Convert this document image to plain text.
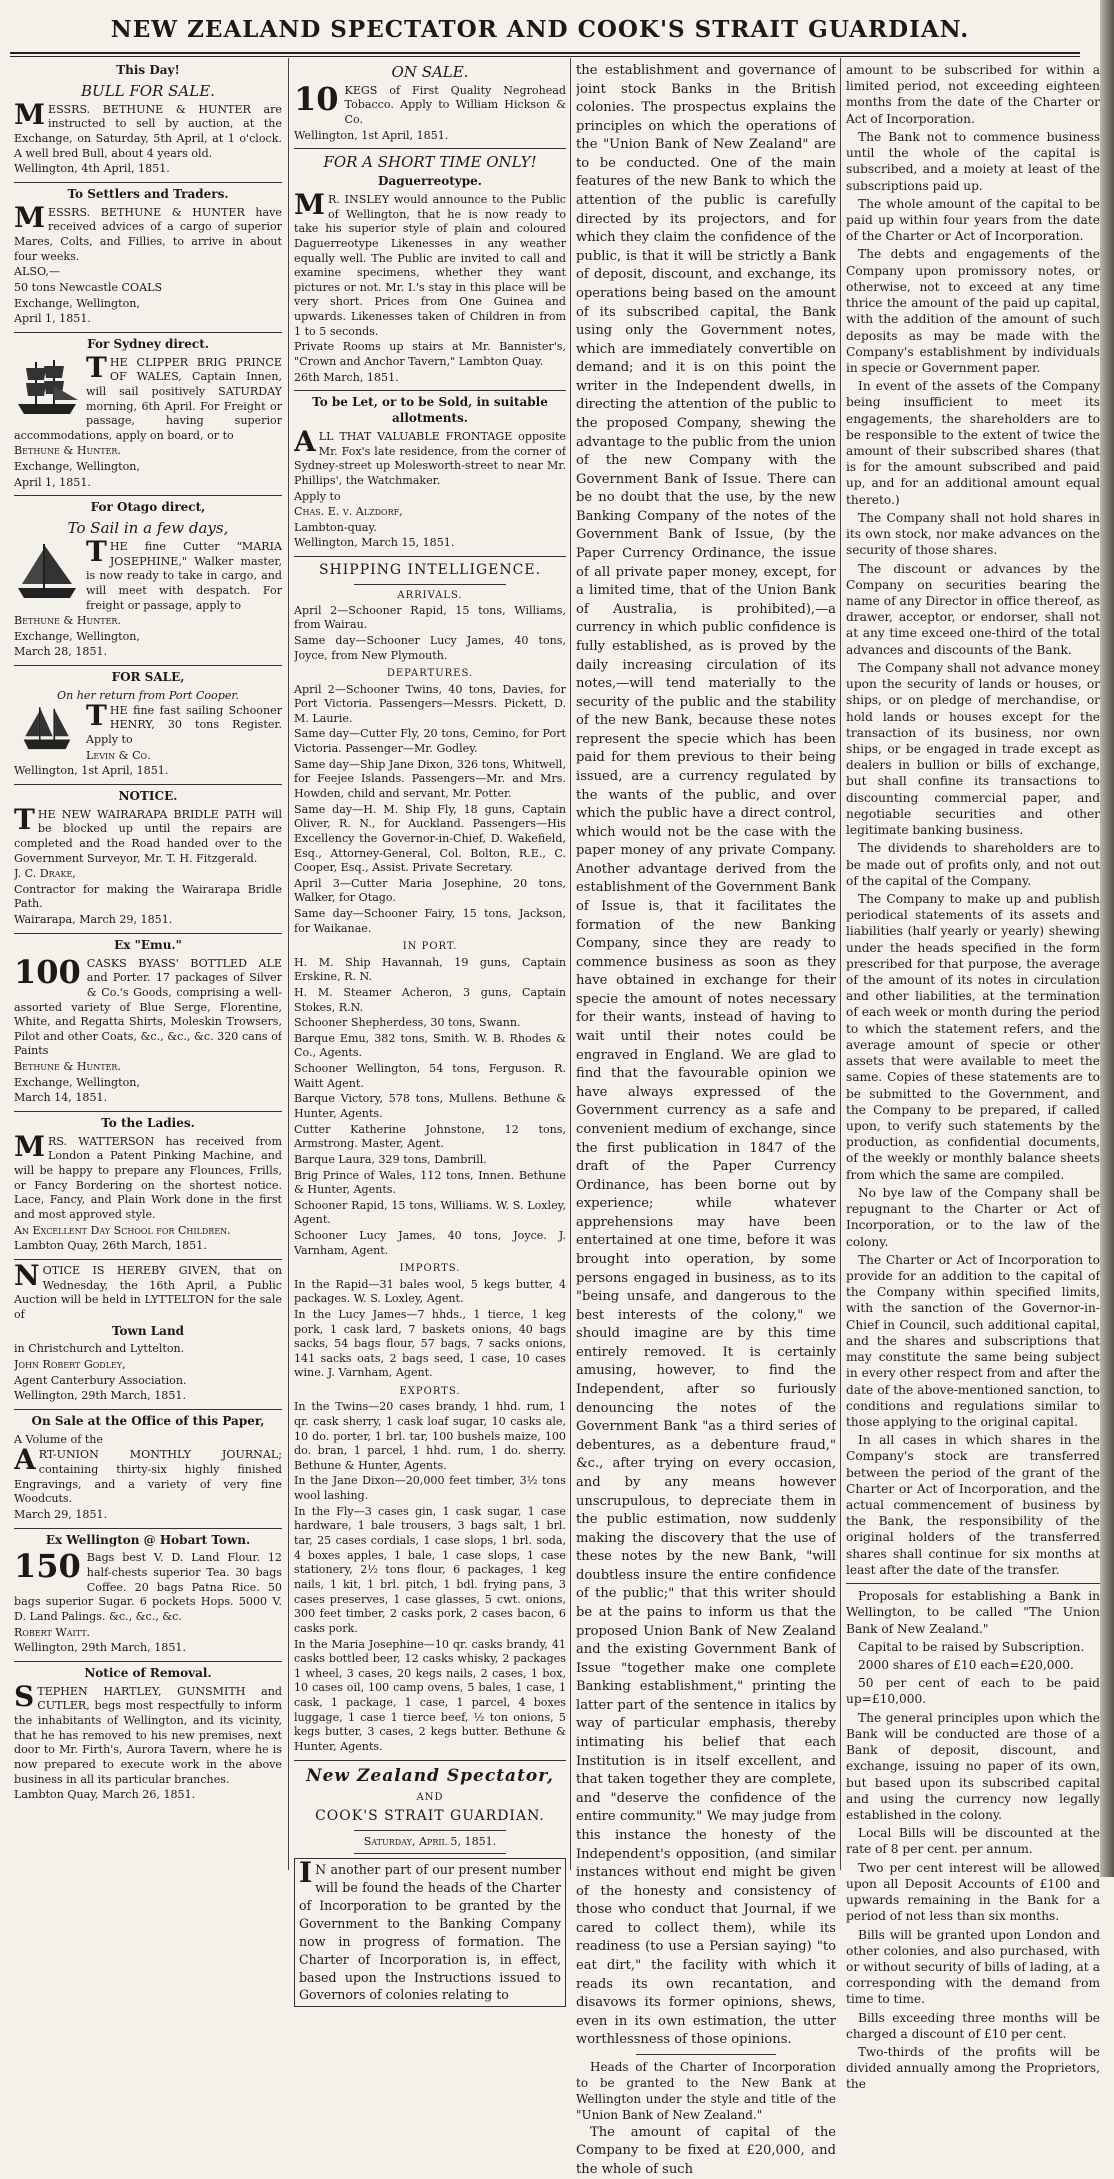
NEW ZEALAND SPECTATOR AND COOK'S STRAIT GUARDIAN.
This Day!
BULL FOR SALE.

MESSRS. BETHUNE & HUNTER are instructed to sell by auction, at the Exchange, on Saturday, 5th April, at 1 o'clock. A well bred Bull, about 4 years old.

Wellington, 4th April, 1851.

To Settlers and Traders.

MESSRS. BETHUNE & HUNTER have received advices of a cargo of superior Mares, Colts, and Fillies, to arrive in about four weeks.

ALSO,—

50 tons Newcastle COALS

Exchange, Wellington,

April 1, 1851.

For Sydney direct.

THE CLIPPER BRIG PRINCE OF WALES, Captain Innen, will sail positively SATURDAY morning, 6th April. For Freight or passage, having superior accommodations, apply on board, or to

Bethune & Hunter.

Exchange, Wellington,

April 1, 1851.

For Otago direct,
To Sail in a few days,

THE fine Cutter "MARIA JOSEPHINE," Walker master, is now ready to take in cargo, and will meet with despatch. For freight or passage, apply to

Bethune & Hunter.

Exchange, Wellington,

March 28, 1851.

FOR SALE,
On her return from Port Cooper.

THE fine fast sailing Schooner HENRY, 30 tons Register. Apply to

Levin & Co.

Wellington, 1st April, 1851.

NOTICE.

THE NEW WAIRARAPA BRIDLE PATH will be blocked up until the repairs are completed and the Road handed over to the Government Surveyor, Mr. T. H. Fitzgerald.

J. C. Drake,

Contractor for making the Wairarapa Bridle Path.

Wairarapa, March 29, 1851.

Ex "Emu."

100 CASKS BYASS' BOTTLED ALE and Porter. 17 packages of Silver & Co.'s Goods, comprising a well-assorted variety of Blue Serge, Florentine, White, and Regatta Shirts, Moleskin Trowsers, Pilot and other Coats, &c., &c., &c. 320 cans of Paints

Bethune & Hunter.

Exchange, Wellington,

March 14, 1851.

To the Ladies.

MRS. WATTERSON has received from London a Patent Pinking Machine, and will be happy to prepare any Flounces, Frills, or Fancy Bordering on the shortest notice. Lace, Fancy, and Plain Work done in the first and most approved style.

An Excellent Day School for Children.

Lambton Quay, 26th March, 1851.

NOTICE IS HEREBY GIVEN, that on Wednesday, the 16th April, a Public Auction will be held in LYTTELTON for the sale of

Town Land

in Christchurch and Lyttelton.

John Robert Godley,

Agent Canterbury Association.

Wellington, 29th March, 1851.

On Sale at the Office of this Paper,

A Volume of the

ART-UNION MONTHLY JOURNAL; containing thirty-six highly finished Engravings, and a variety of very fine Woodcuts.

March 29, 1851.

Ex Wellington @ Hobart Town.

150 Bags best V. D. Land Flour. 12 half-chests superior Tea. 30 bags Coffee. 20 bags Patna Rice. 50 bags superior Sugar. 6 pockets Hops. 5000 V. D. Land Palings. &c., &c., &c.

Robert Waitt.

Wellington, 29th March, 1851.

Notice of Removal.

STEPHEN HARTLEY, GUNSMITH and CUTLER, begs most respectfully to inform the inhabitants of Wellington, and its vicinity, that he has removed to his new premises, next door to Mr. Firth's, Aurora Tavern, where he is now prepared to execute work in the above business in all its particular branches.

Lambton Quay, March 26, 1851.

ON SALE.

10 KEGS of First Quality Negrohead Tobacco. Apply to William Hickson & Co.

Wellington, 1st April, 1851.

FOR A SHORT TIME ONLY!
Daguerreotype.

M R. INSLEY would announce to the Public of Wellington, that he is now ready to take his superior style of plain and coloured Daguerreotype Likenesses in any weather equally well. The Public are invited to call and examine specimens, whether they want pictures or not. Mr. I.'s stay in this place will be very short. Prices from One Guinea and upwards. Likenesses taken of Children in from 1 to 5 seconds.

Private Rooms up stairs at Mr. Bannister's, "Crown and Anchor Tavern," Lambton Quay.

26th March, 1851.

To be Let, or to be Sold, in suitable allotments.

ALL THAT VALUABLE FRONTAGE opposite Mr. Fox's late residence, from the corner of Sydney-street up Molesworth-street to near Mr. Phillips', the Watchmaker.

Apply to

Chas. E. v. Alzdorf,

Lambton-quay.

Wellington, March 15, 1851.

SHIPPING INTELLIGENCE.
ARRIVALS.

April 2—Schooner Rapid, 15 tons, Williams, from Wairau.

Same day—Schooner Lucy James, 40 tons, Joyce, from New Plymouth.

DEPARTURES.

April 2—Schooner Twins, 40 tons, Davies, for Port Victoria. Passengers—Messrs. Pickett, D. M. Laurie.

Same day—Cutter Fly, 20 tons, Cemino, for Port Victoria. Passenger—Mr. Godley.

Same day—Ship Jane Dixon, 326 tons, Whitwell, for Feejee Islands. Passengers—Mr. and Mrs. Howden, child and servant, Mr. Potter.

Same day—H. M. Ship Fly, 18 guns, Captain Oliver, R. N., for Auckland. Passengers—His Excellency the Governor-in-Chief, D. Wakefield, Esq., Attorney-General, Col. Bolton, R.E., C. Cooper, Esq., Assist. Private Secretary.

April 3—Cutter Maria Josephine, 20 tons, Walker, for Otago.

Same day—Schooner Fairy, 15 tons, Jackson, for Waikanae.

IN PORT.

H. M. Ship Havannah, 19 guns, Captain Erskine, R. N.

H. M. Steamer Acheron, 3 guns, Captain Stokes, R.N.

Schooner Shepherdess, 30 tons, Swann.

Barque Emu, 382 tons, Smith. W. B. Rhodes & Co., Agents.

Schooner Wellington, 54 tons, Ferguson. R. Waitt Agent.

Barque Victory, 578 tons, Mullens. Bethune & Hunter, Agents.

Cutter Katherine Johnstone, 12 tons, Armstrong. Master, Agent.

Barque Laura, 329 tons, Dambrill.

Brig Prince of Wales, 112 tons, Innen. Bethune & Hunter, Agents.

Schooner Rapid, 15 tons, Williams. W. S. Loxley, Agent.

Schooner Lucy James, 40 tons, Joyce. J. Varnham, Agent.

IMPORTS.

In the Rapid—31 bales wool, 5 kegs butter, 4 packages. W. S. Loxley, Agent.

In the Lucy James—7 hhds., 1 tierce, 1 keg pork, 1 cask lard, 7 baskets onions, 40 bags sacks, 54 bags flour, 57 bags, 7 sacks onions, 141 sacks oats, 2 bags seed, 1 case, 10 cases wine. J. Varnham, Agent.

EXPORTS.

In the Twins—20 cases brandy, 1 hhd. rum, 1 qr. cask sherry, 1 cask loaf sugar, 10 casks ale, 10 do. porter, 1 brl. tar, 100 bushels maize, 100 do. bran, 1 parcel, 1 hhd. rum, 1 do. sherry. Bethune & Hunter, Agents.

In the Jane Dixon—20,000 feet timber, 3½ tons wool lashing.

In the Fly—3 cases gin, 1 cask sugar, 1 case hardware, 1 bale trousers, 3 bags salt, 1 brl. tar, 25 cases cordials, 1 case slops, 1 brl. soda, 4 boxes apples, 1 bale, 1 case slops, 1 case stationery, 2½ tons flour, 6 packages, 1 keg nails, 1 kit, 1 brl. pitch, 1 bdl. frying pans, 3 cases preserves, 1 case glasses, 5 cwt. onions, 300 feet timber, 2 casks pork, 2 cases bacon, 6 casks pork.

In the Maria Josephine—10 qr. casks brandy, 41 casks bottled beer, 12 casks whisky, 2 packages 1 wheel, 3 cases, 20 kegs nails, 2 cases, 1 box, 10 cases oil, 100 camp ovens, 5 bales, 1 case, 1 cask, 1 package, 1 case, 1 parcel, 4 boxes luggage, 1 case 1 tierce beef, ½ ton onions, 5 kegs butter, 3 cases, 2 kegs butter. Bethune & Hunter, Agents.

New Zealand Spectator,
AND
COOK'S STRAIT GUARDIAN.
Saturday, April 5, 1851.

I N another part of our present number will be found the heads of the Charter of Incorporation to be granted by the Government to the Banking Company now in progress of formation. The Charter of Incorporation is, in effect, based upon the Instructions issued to Governors of colonies relating to

the establishment and governance of joint stock Banks in the British colonies. The prospectus explains the principles on which the operations of the "Union Bank of New Zealand" are to be conducted. One of the main features of the new Bank to which the attention of the public is carefully directed by its projectors, and for which they claim the confidence of the public, is that it will be strictly a Bank of deposit, discount, and exchange, its operations being based on the amount of its subscribed capital, the Bank using only the Government notes, which are immediately convertible on demand; and it is on this point the writer in the Independent dwells, in directing the attention of the public to the proposed Company, shewing the advantage to the public from the union of the new Company with the Government Bank of Issue. There can be no doubt that the use, by the new Banking Company of the notes of the Government Bank of Issue, (by the Paper Currency Ordinance, the issue of all private paper money, except, for a limited time, that of the Union Bank of Australia, is prohibited),—a currency in which public confidence is fully established, as is proved by the daily increasing circulation of its notes,—will tend materially to the security of the public and the stability of the new Bank, because these notes represent the specie which has been paid for them previous to their being issued, are a currency regulated by the wants of the public, and over which the public have a direct control, which would not be the case with the paper money of any private Company. Another advantage derived from the establishment of the Government Bank of Issue is, that it facilitates the formation of the new Banking Company, since they are ready to commence business as soon as they have obtained in exchange for their specie the amount of notes necessary for their wants, instead of having to wait until their notes could be engraved in England. We are glad to find that the favourable opinion we have always expressed of the Government currency as a safe and convenient medium of exchange, since the first publication in 1847 of the draft of the Paper Currency Ordinance, has been borne out by experience; while whatever apprehensions may have been entertained at one time, before it was brought into operation, by some persons engaged in business, as to its "being unsafe, and dangerous to the best interests of the colony," we should imagine are by this time entirely removed. It is certainly amusing, however, to find the Independent, after so furiously denouncing the notes of the Government Bank "as a third series of debentures, as a debenture fraud," &c., after trying on every occasion, and by any means however unscrupulous, to depreciate them in the public estimation, now suddenly making the discovery that the use of these notes by the new Bank, "will doubtless insure the entire confidence of the public;" that this writer should be at the pains to inform us that the proposed Union Bank of New Zealand and the existing Government Bank of Issue "together make one complete Banking establishment," printing the latter part of the sentence in italics by way of particular emphasis, thereby intimating his belief that each Institution is in itself excellent, and that taken together they are complete, and "deserve the confidence of the entire community." We may judge from this instance the honesty of the Independent's opposition, (and similar instances without end might be given of the honesty and consistency of those who conduct that Journal, if we cared to collect them), while its readiness (to use a Persian saying) "to eat dirt," the facility with which it reads its own recantation, and disavows its former opinions, shews, even in its own estimation, the utter worthlessness of those opinions.

Heads of the Charter of Incorporation to be granted to the New Bank at Wellington under the style and title of the "Union Bank of New Zealand."

The amount of capital of the Company to be fixed at £20,000, and the whole of such

amount to be subscribed for within a limited period, not exceeding eighteen months from the date of the Charter or Act of Incorporation.

The Bank not to commence business until the whole of the capital is subscribed, and a moiety at least of the subscriptions paid up.

The whole amount of the capital to be paid up within four years from the date of the Charter or Act of Incorporation.

The debts and engagements of the Company upon promissory notes, or otherwise, not to exceed at any time thrice the amount of the paid up capital, with the addition of the amount of such deposits as may be made with the Company's establishment by individuals in specie or Government paper.

In event of the assets of the Company being insufficient to meet its engagements, the shareholders are to be responsible to the extent of twice the amount of their subscribed shares (that is for the amount subscribed and paid up, and for an additional amount equal thereto.)

The Company shall not hold shares in its own stock, nor make advances on the security of those shares.

The discount or advances by the Company on securities bearing the name of any Director in office thereof, as drawer, acceptor, or endorser, shall not at any time exceed one-third of the total advances and discounts of the Bank.

The Company shall not advance money upon the security of lands or houses, or ships, or on pledge of merchandise, or hold lands or houses except for the transaction of its business, nor own ships, or be engaged in trade except as dealers in bullion or bills of exchange, but shall confine its transactions to discounting commercial paper, and negotiable securities and other legitimate banking business.

The dividends to shareholders are to be made out of profits only, and not out of the capital of the Company.

The Company to make up and publish periodical statements of its assets and liabilities (half yearly or yearly) shewing under the heads specified in the form prescribed for that purpose, the average of the amount of its notes in circulation and other liabilities, at the termination of each week or month during the period to which the statement refers, and the average amount of specie or other assets that were available to meet the same. Copies of these statements are to be submitted to the Government, and the Company to be prepared, if called upon, to verify such statements by the production, as confidential documents, of the weekly or monthly balance sheets from which the same are compiled.

No bye law of the Company shall be repugnant to the Charter or Act of Incorporation, or to the law of the colony.

The Charter or Act of Incorporation to provide for an addition to the capital of the Company within specified limits, with the sanction of the Governor-in-Chief in Council, such additional capital, and the shares and subscriptions that may constitute the same being subject in every other respect from and after the date of the above-mentioned sanction, to conditions and regulations similar to those applying to the original capital.

In all cases in which shares in the Company's stock are transferred between the period of the grant of the Charter or Act of Incorporation, and the actual commencement of business by the Bank, the responsibility of the original holders of the transferred shares shall continue for six months at least after the date of the transfer.

Proposals for establishing a Bank in Wellington, to be called "The Union Bank of New Zealand."

Capital to be raised by Subscription.

2000 shares of £10 each=£20,000.

50 per cent of each to be paid up=£10,000.

The general principles upon which the Bank will be conducted are those of a Bank of deposit, discount, and exchange, issuing no paper of its own, but based upon its subscribed capital and using the currency now legally established in the colony.

Local Bills will be discounted at the rate of 8 per cent. per annum.

Two per cent interest will be allowed upon all Deposit Accounts of £100 and upwards remaining in the Bank for a period of not less than six months.

Bills will be granted upon London and other colonies, and also purchased, with or without security of bills of lading, at a corresponding with the demand from time to time.

Bills exceeding three months will be charged a discount of £10 per cent.

Two-thirds of the profits will be divided annually among the Proprietors, the
